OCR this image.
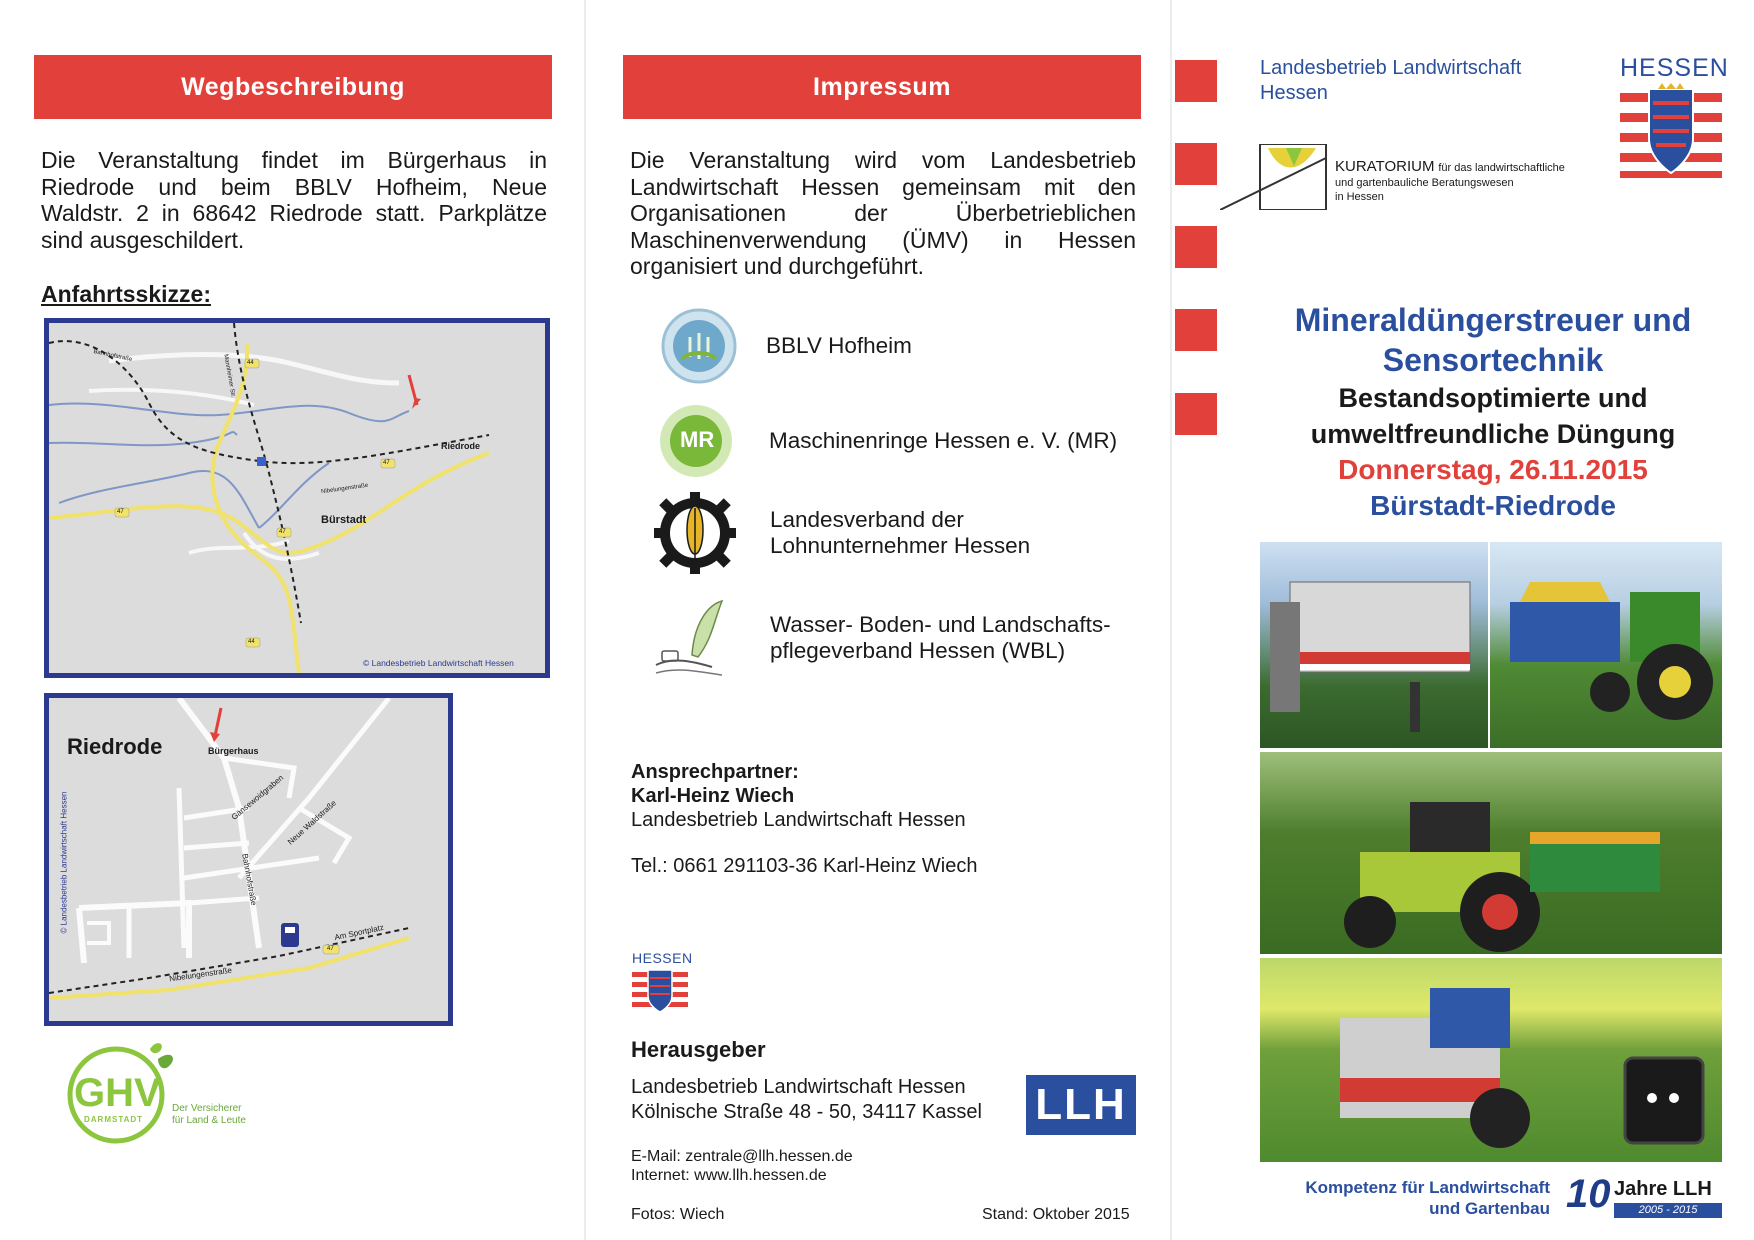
Wegbeschreibung
Die Veranstaltung findet im Bürgerhaus in Riedrode und beim BBLV Hofheim, Neue Waldstr. 2 in 68642 Riedrode statt. Parkplätze sind ausgeschildert.
Anfahrtsskizze:
Riedrode
Bürstadt
Bahnhofstraße	Mannheimer Str.
Nibelungenstraße
44
44
47
47
47
© Landesbetrieb Landwirtschaft Hessen
Riedrode	Bürgerhaus
Gänsewoidgraben
Neue Waldstraße
Bahnhofstraße
Am Sportplatz
Nibelungenstraße
47
© Landesbetrieb Landwirtschaft Hessen
GHV
DARMSTADT
Der Versicherer
für Land & Leute
Impressum
Die Veranstaltung wird vom Landesbetrieb Landwirtschaft Hessen gemeinsam mit den Organisationen der Überbetrieblichen Maschinenverwendung (ÜMV) in Hessen organisiert und durchgeführt.
BBLV Hofheim
MR Maschinenringe Hessen e. V. (MR)
Landesverband der
Lohnunternehmer Hessen
Wasser- Boden- und Landschafts-
pflegeverband Hessen (WBL)
Ansprechpartner:
Karl-Heinz Wiech
Landesbetrieb Landwirtschaft Hessen
Tel.: 0661 291103-36 Karl-Heinz Wiech
HESSEN
Herausgeber
Landesbetrieb Landwirtschaft Hessen
Kölnische Straße 48 - 50, 34117 Kassel LLH
E-Mail: zentrale@llh.hessen.de
Internet: www.llh.hessen.de
Fotos: Wiech	Stand: Oktober 2015
Landesbetrieb Landwirtschaft
Hessen
HESSEN
KURATORIUM für das landwirtschaftliche
und gartenbauliche Beratungswesen
in Hessen
Mineraldüngerstreuer und
Sensortechnik
Bestandsoptimierte und
umweltfreundliche Düngung
Donnerstag, 26.11.2015
Bürstadt-Riedrode
Kompetenz für Landwirtschaft
und Gartenbau 10 Jahre LLH
2005 - 2015
